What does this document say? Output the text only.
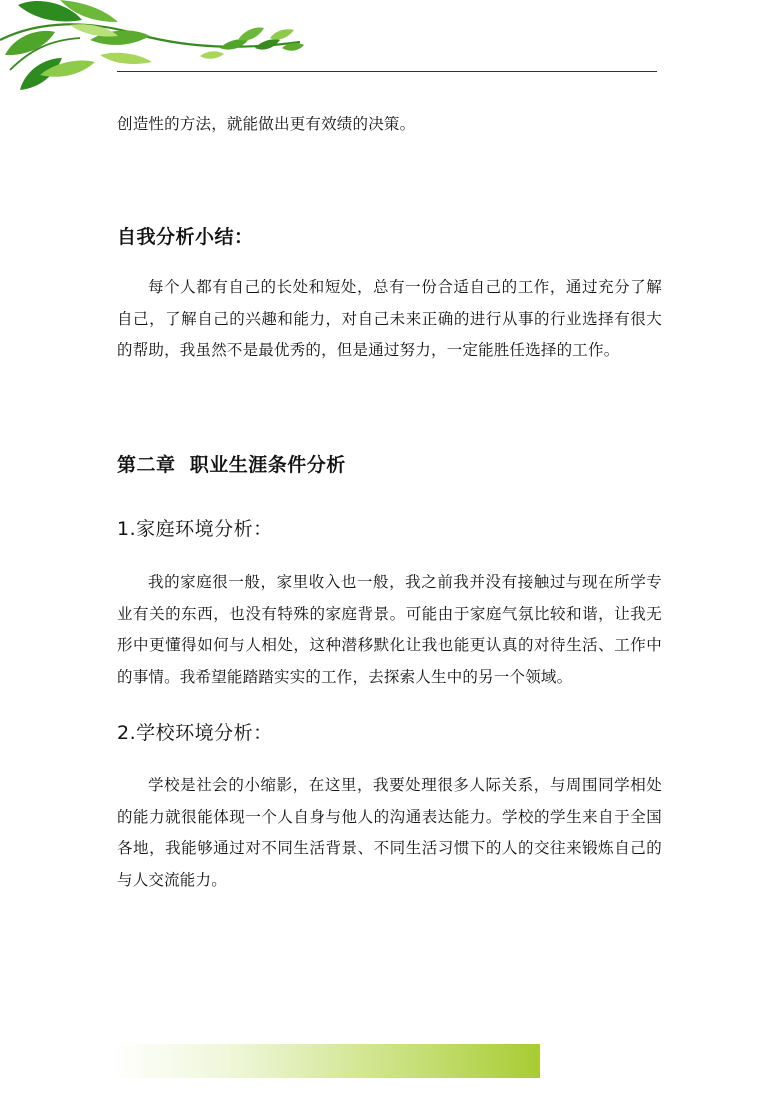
创造性的方法，就能做出更有效绩的决策。

自我分析小结：

每个人都有自己的长处和短处，总有一份合适自己的工作，通过充分了解自己，了解自己的兴趣和能力，对自己未来正确的进行从事的行业选择有很大的帮助，我虽然不是最优秀的，但是通过努力，一定能胜任选择的工作。

第二章  职业生涯条件分析
1.家庭环境分析：

我的家庭很一般，家里收入也一般，我之前我并没有接触过与现在所学专业有关的东西，也没有特殊的家庭背景。可能由于家庭气氛比较和谐，让我无形中更懂得如何与人相处，这种潜移默化让我也能更认真的对待生活、工作中的事情。我希望能踏踏实实的工作，去探索人生中的另一个领域。

2.学校环境分析：

学校是社会的小缩影，在这里，我要处理很多人际关系，与周围同学相处的能力就很能体现一个人自身与他人的沟通表达能力。学校的学生来自于全国各地，我能够通过对不同生活背景、不同生活习惯下的人的交往来锻炼自己的与人交流能力。
